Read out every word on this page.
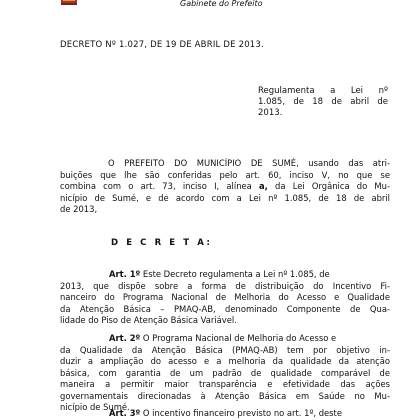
Gabinete do Prefeito

DECRETO Nº 1.027, DE 19 DE ABRIL DE 2013.

Regulamenta a Lei nº
1.085, de 18 de abril de
2013.
O PREFEITO DO MUNICÍPIO DE SUMÉ, usando das atri-
buições que lhe são conferidas pelo art. 60, inciso V, no que se
combina com o art. 73, inciso I, alínea a, da Lei Orgânica do Mu-
nicípio de Sumé, e de acordo com a Lei nº 1.085, de 18 de abril
de 2013,

D E C R E T A:

Art. 1º Este Decreto regulamenta a Lei nº 1.085, de
2013, que dispõe sobre a forma de distribuição do Incentivo Fi-
nanceiro do Programa Nacional de Melhoria do Acesso e Qualidade
da Atenção Básica – PMAQ-AB, denominado Componente de Qua-
lidade do Piso de Atenção Básica Variável.
Art. 2º O Programa Nacional de Melhoria do Acesso e
da Qualidade da Atenção Básica (PMAQ-AB) tem por objetivo in-
duzir a ampliação do acesso e a melhoria da qualidade da atenção
básica, com garantia de um padrão de qualidade comparável de
maneira a permitir maior transparência e efetividade das ações
governamentais direcionadas à Atenção Básica em Saúde no Mu-
nicípio de Sumé.
Art. 3º O incentivo financeiro previsto no art. 1º, deste
